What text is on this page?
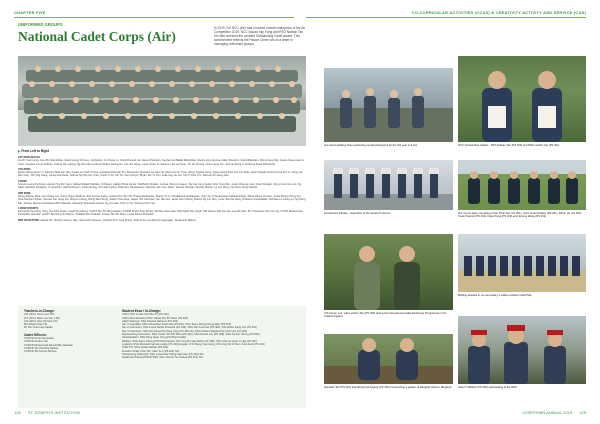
CHAPTER FIVE	CO-CURRICULAR ACTIVITIES (CCAS) & CREATIVITY ACTIVITY AND SERVICE (CAS)
UNIFORMED GROUPS
National Cadet Corps (Air)
In 2019, SJI NCC (Air) was crowned overall champions of the Air Competition 2019. NCC Squad Yap Fong and PSO Nathan Tan Zhi Wei received the coveted Outstanding Cadet award. This achievement reflects the Palace Cheer who is a team in managing uniformed groups.
▶ From Left to Right
1ST ROW (BACK)
Ho JK Yuan Liong, Gou Zhi Qian Ethan, David Leong Chi Hen, Jozhedest, Ju Chong Ju, Vivek Pramod, Ian James Piranpan, Kaydan Hel Bakali Mahindran, Randy Ling Jia Hua, Aiden Monterro, Zaki Alfhandani, Wong Kang Wei, Justus Seva Lutes Li Xuan, Gustavo Lumpi Sebtnic, Joshua Tan Lianog, Ng Romulen Lecknon Ruben Kannamm, Tan Jun Heng, Lucas Kwek Jin Xianani, Lew Lai Yuan, Yin Jin Jinteng, Chen Lieng Jun, Jerome Wong Li Jinsheng Kwok Rai Randy
4TH ROW:
Darius Wong Deun Yu, Zachery Mak Yan Hey, Caden Lin Teoh Chung, Kendrick Chia Wei Xin, Rai Kaverr, Brandon Aw Hau Yei, Matt Lew Jer Yuen, Wong Yeghee Heng, Quek Hoang Kien Jun Lim Zhao, Alvan Tanadi, Arsen Ferrua Pei Yu, Pang Jun Wei Yuan, Toh Ting Liang, Caroel Lee Reds, Joshua Tay Wu Jun Yuan, Chew Yi Jin, Kiri Toi Yuen Ozhyer, Bryan Teo Yu Xun, Luke Ang Jia Jun, Tan Yi Choi Tun, Samuel Teh Heng Hee
3 ROW:
Francis Leong Ka Kong, Hayden Tse Pui Yuen, Jahleel Rafael Pashkes, M Peeler, Gabriel Phua Jia Jer, Siddharth Ninalan, Joshua Cheng Jungeun, Tay Kai Jung, Ayden Chin Yong Wei, Jovan Cheong, Lian, Ryan Wongkil, Jimmy Goh Yan Jun, Ng Saidi, Akshaan Sandeep, Yi Herschan, Gabriel Phuum, Chloe Ruang, Kim Dae Kyung, Dhamdey Nanaveeram, Ranzhar Jan, Kim Jakim, Jerome Samsan, Akshay Mohan, Le Jun Hong, Ng Kwee Hong Daniels
2ND ROW:
Wong Zhituan Pate, Lee Chang Jun, Kang Jingye Matthew, Eric Ja Kee Karan, Joshua Teo Shu Sik, Pramod Nathaniel, Zhang Yi Lin, Nimalahana Venkatesan, Tyler Tey, Pramaswaran Adharanindran, Wang Dilong Jin Hao, Jonas Wang Chong Kei, Uiria Stephen Sultan, Keenan Tan Jiong Jun, Ruiyen Cheng, Wong Wen Rong, Joakim Pramawa, Jasper Tan Jianchao, Tan Jian Hui, Javier Hern Zheng, Darren Ng Jun Wey, Luthe Tee Kai Heng, Dharsein Andrepaliah, Nicholas Lu Chung Lii, Ng Deng Kai, Joshua, Mohammad Dawud Bin Iskandar, Cahyanjit Teeranaris Kumar, Ng Jun Han, Poh Lo Yin, Cheung Chor Yan
1 ROW (FRONT):
Emmanuel Ng Zeng Yang, Teo Chin Hoxie, Josiah Ng Zheng, C/CDT Tan Zhi Ming Nathan, C/CDR Kindre Tian Zhi En, Mr Dan Chee Hua, SSG Mark Tan, Dayin, MS Steven Wai Jan Kia, Lee Zhi Xiao, Mr. Chewneth Chir Lee Ing, C/CDT Muhammad Danial Bin Iskandar, C/CDT Tan Dong Jin Darren, Pratiksh Rao Prakash, Tristan Teh Zhi Shen, Lucas Daniel Pranandi
NOT IN PICTURE: Akshat Rii, Timothy Seah Li Hao, Varun Ahn Vaneem, Charlton Koh Yong Zhang, Salvi Imme van Marvin Hoguwgan, Jeyakumar Mahen
Teachers-in-Charge:
LTA (NCC) Kevin Lam OIC
2LT (NCC) Mark Lee Wei 1 RS
LTA (NCC) Kate Pei Dan 1TC
Mrs Adela Chan TIC
Mr Tan Chan Han Jiadan
Cadet Officers:
C/OFFR Kevin Fernandes
C/OFFR Gordon Tan
C/OFFR Muhammad Danniel Bin Iskandar
C/OFFR Tan Zhi Ming Nathan
C/OFFR Tan Kenjeh Hernes
Student Exco / In-Charge:
CSR / PSO Josiah Yap Wei Jin (PS 401)
ASM (Administration) PSO Tristan Teh Zhi Shen (PS 402)
ASM (Training): SSG Pramod Nal Hunt (PS 403)
Sec 1 Guardians SSG Chua Zhen Kwoh Kai (AS 501), SSG Jason Wong Chung Wan (PS 501)
Sec 2 Instructors: SSG Lucas Daniel Pranandi (AS 402), SSG Tan Kuei Hao (PS 404), CPL Ethan Dang Jun (PS 401)
Sec 3 Instructors: SSG Emmanuel Ng Zeng Yang (PS 402 CF), SSG Nesteni Ranjhinnthy Chin Hoe (LS 403)
Representing Instructors: SSG Tristan Teh Zhi Shen (PS 401), SSG Russel Lee (PS 408), SSG Kenner Chong (PS 603)
Administration: SSG Pang Hoan Yong (PS 604) Freddie
Welfare: SSG Aaron Chong (PS 604) Howard, CPL Ong Zhi Qian Ethan (LT 408), SSG Chai Ju Quan Li Hao (LD 607)
Logistics: SSG Mustafar Farrook Lesley (PS 403) Hayakt, LTG Wong Yuen Hong, CPL Ong Shi Ji Shen, Smit Ansh (PS 401)
Chief PTI: SSG Josiah Nathan (PS 402)
Freedom Drills: CSG Tan Yulan Xun (PS 402) SCI
Orienteering (National): SSG Lucas Dian Weng Qian Hao (LS 403) SCI
Health and Fitness/SSGD SNE: SSG Joshua Tio Joshua (PS 401) SCI
Our Aeromodelling Team achieving overall champions for the 3rd year in a row	NCC Outstanding Cadets - PSO Nathan Tan (PS 403) and MSG Josiah Yap (PS 401)
Anniversary Parade - Inspection of the Guard of Honour	Our soccer team consisting of Ian Piramnan (LS 301), Gurvi Anand Nalam (PS 201), Ethan Ho (LS 303), Vivek Pramod (PS 102), Ryan Pang (PS 103) and Jerome Wang (PS 301)
LTA Ferren Loo, with Lucifern Tan (PS 350) during the International Cadet Exchange Programme in the United Kingdom
Bidding farewell to our secondary 4 cadets at East Coast Park
Nomadic Tan (PS 401) and Wong Kiat Kwang (PS 403) constructing a garden at Bangkok School, Bangkok	Jean P. Mikisok (PS 363) participating at the NDP
126 ST JOSEPH'S INSTITUTION	JOSEPHIAN ANNUAL 2019 129
